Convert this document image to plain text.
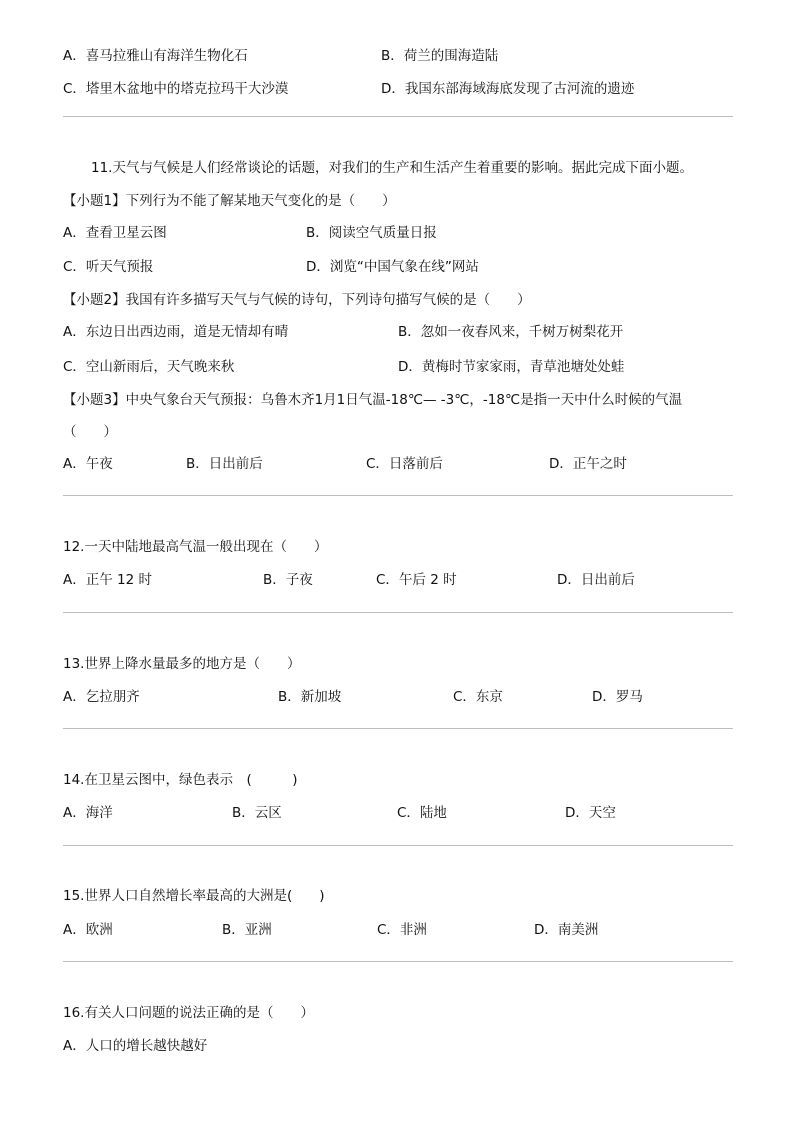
A．喜马拉雅山有海洋生物化石	B．荷兰的围海造陆
C．塔里木盆地中的塔克拉玛干大沙漠	D．我国东部海域海底发现了古河流的遗迹
11.天气与气候是人们经常谈论的话题，对我们的生产和生活产生着重要的影响。据此完成下面小题。
【小题1】下列行为不能了解某地天气变化的是（　　）
A．查看卫星云图	B．阅读空气质量日报
C．听天气预报	D．浏览“中国气象在线”网站
【小题2】我国有许多描写天气与气候的诗句，下列诗句描写气候的是（　　）
A．东边日出西边雨，道是无情却有晴	B．忽如一夜春风来，千树万树梨花开
C．空山新雨后，天气晚来秋	D．黄梅时节家家雨，青草池塘处处蛙
【小题3】中央气象台天气预报：乌鲁木齐1月1日气温-18℃— -3℃，-18℃是指一天中什么时候的气温
（　　）
A．午夜	B．日出前后	C．日落前后	D．正午之时
12.一天中陆地最高气温一般出现在（　　）
A．正午 12 时	B．子夜	C．午后 2 时	D．日出前后
13.世界上降水量最多的地方是（　　）
A．乞拉朋齐	B．新加坡	C．东京	D．罗马
14.在卫星云图中，绿色表示　(　　　)
A．海洋	B．云区	C．陆地	D．天空
15.世界人口自然增长率最高的大洲是(　　)
A．欧洲	B．亚洲	C．非洲	D．南美洲
16.有关人口问题的说法正确的是（　　）
A．人口的增长越快越好
